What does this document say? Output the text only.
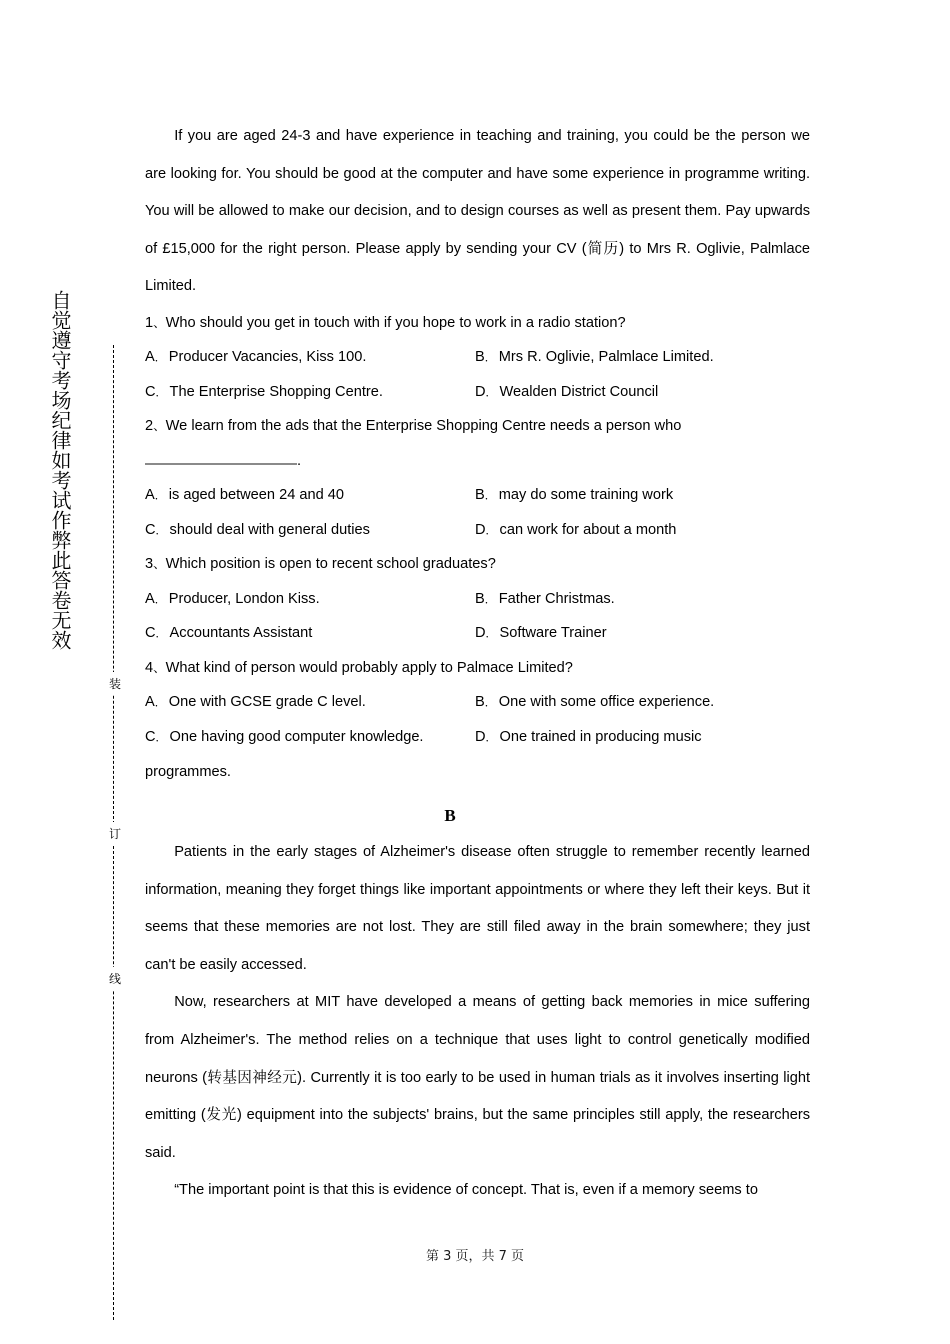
自觉遵守考场纪律如考试作弊此答卷无效
装
订
线

If you are aged 24-3 and have experience in teaching and training, you could be the person we are looking for. You should be good at the computer and have some experience in programme writing. You will be allowed to make our decision, and to design courses as well as present them. Pay upwards of £15,000 for the right person. Please apply by sending your CV (简历) to Mrs R. Oglivie, Palmlace Limited.

1、Who should you get in touch with if you hope to work in a radio station?
A． Producer Vacancies, Kiss 100.	B． Mrs R. Oglivie, Palmlace Limited.
C． The Enterprise Shopping Centre.	D． Wealden District Council
2、We learn from the ads that the Enterprise Shopping Centre needs a person who
.
A． is aged between 24 and 40	B． may do some training work
C． should deal with general duties	D． can work for about a month
3、Which position is open to recent school graduates?
A． Producer, London Kiss.	B． Father Christmas.
C． Accountants Assistant	D． Software Trainer
4、What kind of person would probably apply to Palmace Limited?
A． One with GCSE grade C level.	B． One with some office experience.
C． One having good computer knowledge.	D． One trained in producing music

programmes.

B

Patients in the early stages of Alzheimer's disease often struggle to remember recently learned information, meaning they forget things like important appointments or where they left their keys. But it seems that these memories are not lost. They are still filed away in the brain somewhere; they just can't be easily accessed.

Now, researchers at MIT have developed a means of getting back memories in mice suffering from Alzheimer's. The method relies on a technique that uses light to control genetically modified neurons (转基因神经元). Currently it is too early to be used in human trials as it involves inserting light emitting (发光) equipment into the subjects' brains, but the same principles still apply, the researchers said.

“The important point is that this is evidence of concept. That is, even if a memory seems to

第 3 页，共 7 页
